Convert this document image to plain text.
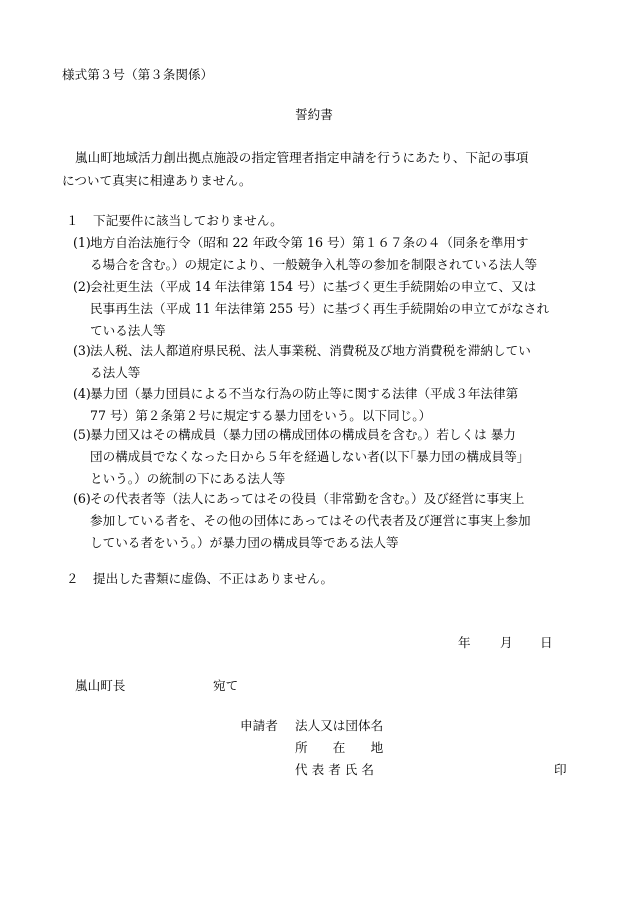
様式第３号（第３条関係）
誓約書
嵐山町地域活力創出拠点施設の指定管理者指定申請を行うにあたり、下記の事項
について真実に相違ありません。
１ 下記要件に該当しておりません。
(1) 地方自治法施行令（昭和 22 年政令第 16 号）第１６７条の４（同条を準用す
る場合を含む。）の規定により、一般競争入札等の参加を制限されている法人等
(2) 会社更生法（平成 14 年法律第 154 号）に基づく更生手続開始の申立て、又は
民事再生法（平成 11 年法律第 255 号）に基づく再生手続開始の申立てがなされ
ている法人等
(3) 法人税、法人都道府県民税、法人事業税、消費税及び地方消費税を滞納してい
る法人等
(4) 暴力団（暴力団員による不当な行為の防止等に関する法律（平成３年法律第
77 号）第２条第２号に規定する暴力団をいう。以下同じ。）
(5) 暴力団又はその構成員（暴力団の構成団体の構成員を含む。）若しくは 暴力
団の構成員でなくなった日から５年を経過しない者(以下｢暴力団の構成員等」
という。）の統制の下にある法人等
(6) その代表者等（法人にあってはその役員（非常勤を含む。）及び経営に事実上
参加している者を、その他の団体にあってはその代表者及び運営に事実上参加
している者をいう。）が暴力団の構成員等である法人等
２ 提出した書類に虚偽、不正はありません。
年 月 日
嵐山町長	宛て
申請者 法人又は団体名
所　　在　　地
代 表 者 氏 名	印
